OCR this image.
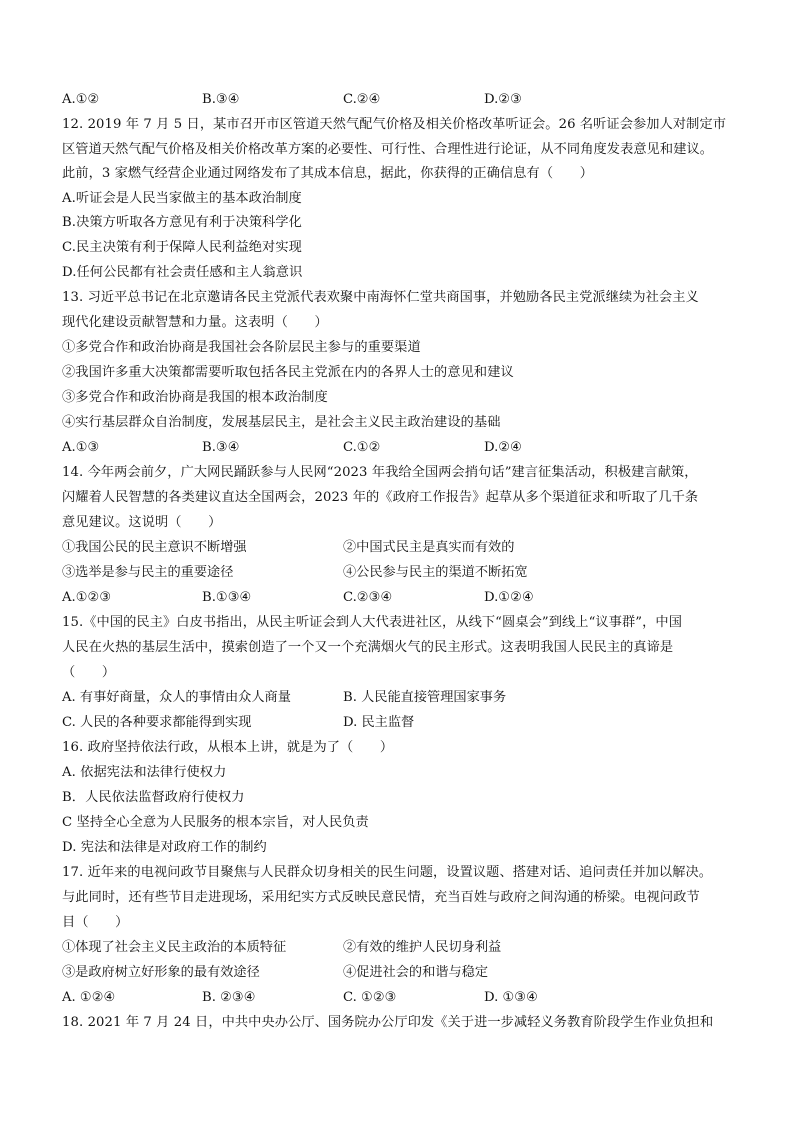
A.①②	B.③④	C.②④	D.②③
12. 2019 年 7 月 5 日，某市召开市区管道天然气配气价格及相关价格改革听证会。26 名听证会参加人对制定市
区管道天然气配气价格及相关价格改革方案的必要性、可行性、合理性进行论证，从不同角度发表意见和建议。
此前，3 家燃气经营企业通过网络发布了其成本信息，据此，你获得的正确信息有（　　）
A.听证会是人民当家做主的基本政治制度
B.决策方听取各方意见有利于决策科学化
C.民主决策有利于保障人民利益绝对实现
D.任何公民都有社会责任感和主人翁意识
13. 习近平总书记在北京邀请各民主党派代表欢聚中南海怀仁堂共商国事，并勉励各民主党派继续为社会主义
现代化建设贡献智慧和力量。这表明（　　）
①多党合作和政治协商是我国社会各阶层民主参与的重要渠道
②我国许多重大决策都需要听取包括各民主党派在内的各界人士的意见和建议
③多党合作和政治协商是我国的根本政治制度
④实行基层群众自治制度，发展基层民主，是社会主义民主政治建设的基础
A.①③	B.③④	C.①②	D.②④
14. 今年两会前夕，广大网民踊跃参与人民网“2023 年我给全国两会捎句话”建言征集活动，积极建言献策，
闪耀着人民智慧的各类建议直达全国两会，2023 年的《政府工作报告》起草从多个渠道征求和听取了几千条
意见建议。这说明（　　）
①我国公民的民主意识不断增强	②中国式民主是真实而有效的
③选举是参与民主的重要途径	④公民参与民主的渠道不断拓宽
A.①②③	B.①③④	C.②③④	D.①②④
15.《中国的民主》白皮书指出，从民主听证会到人大代表进社区，从线下“圆桌会”到线上“议事群”，中国
人民在火热的基层生活中，摸索创造了一个又一个充满烟火气的民主形式。这表明我国人民民主的真谛是
（　　）
A. 有事好商量，众人的事情由众人商量	B. 人民能直接管理国家事务
C. 人民的各种要求都能得到实现	D. 民主监督
16. 政府坚持依法行政，从根本上讲，就是为了（　　）
A. 依据宪法和法律行使权力
B．人民依法监督政府行使权力
C 坚持全心全意为人民服务的根本宗旨，对人民负责
D. 宪法和法律是对政府工作的制约
17. 近年来的电视问政节目聚焦与人民群众切身相关的民生问题，设置议题、搭建对话、追问责任并加以解决。
与此同时，还有些节目走进现场，采用纪实方式反映民意民情，充当百姓与政府之间沟通的桥梁。电视问政节
目（　　）
①体现了社会主义民主政治的本质特征	②有效的维护人民切身利益
③是政府树立好形象的最有效途径	④促进社会的和谐与稳定
A. ①②④	B. ②③④	C. ①②③	D. ①③④
18. 2021 年 7 月 24 日，中共中央办公厅、国务院办公厅印发《关于进一步减轻义务教育阶段学生作业负担和
